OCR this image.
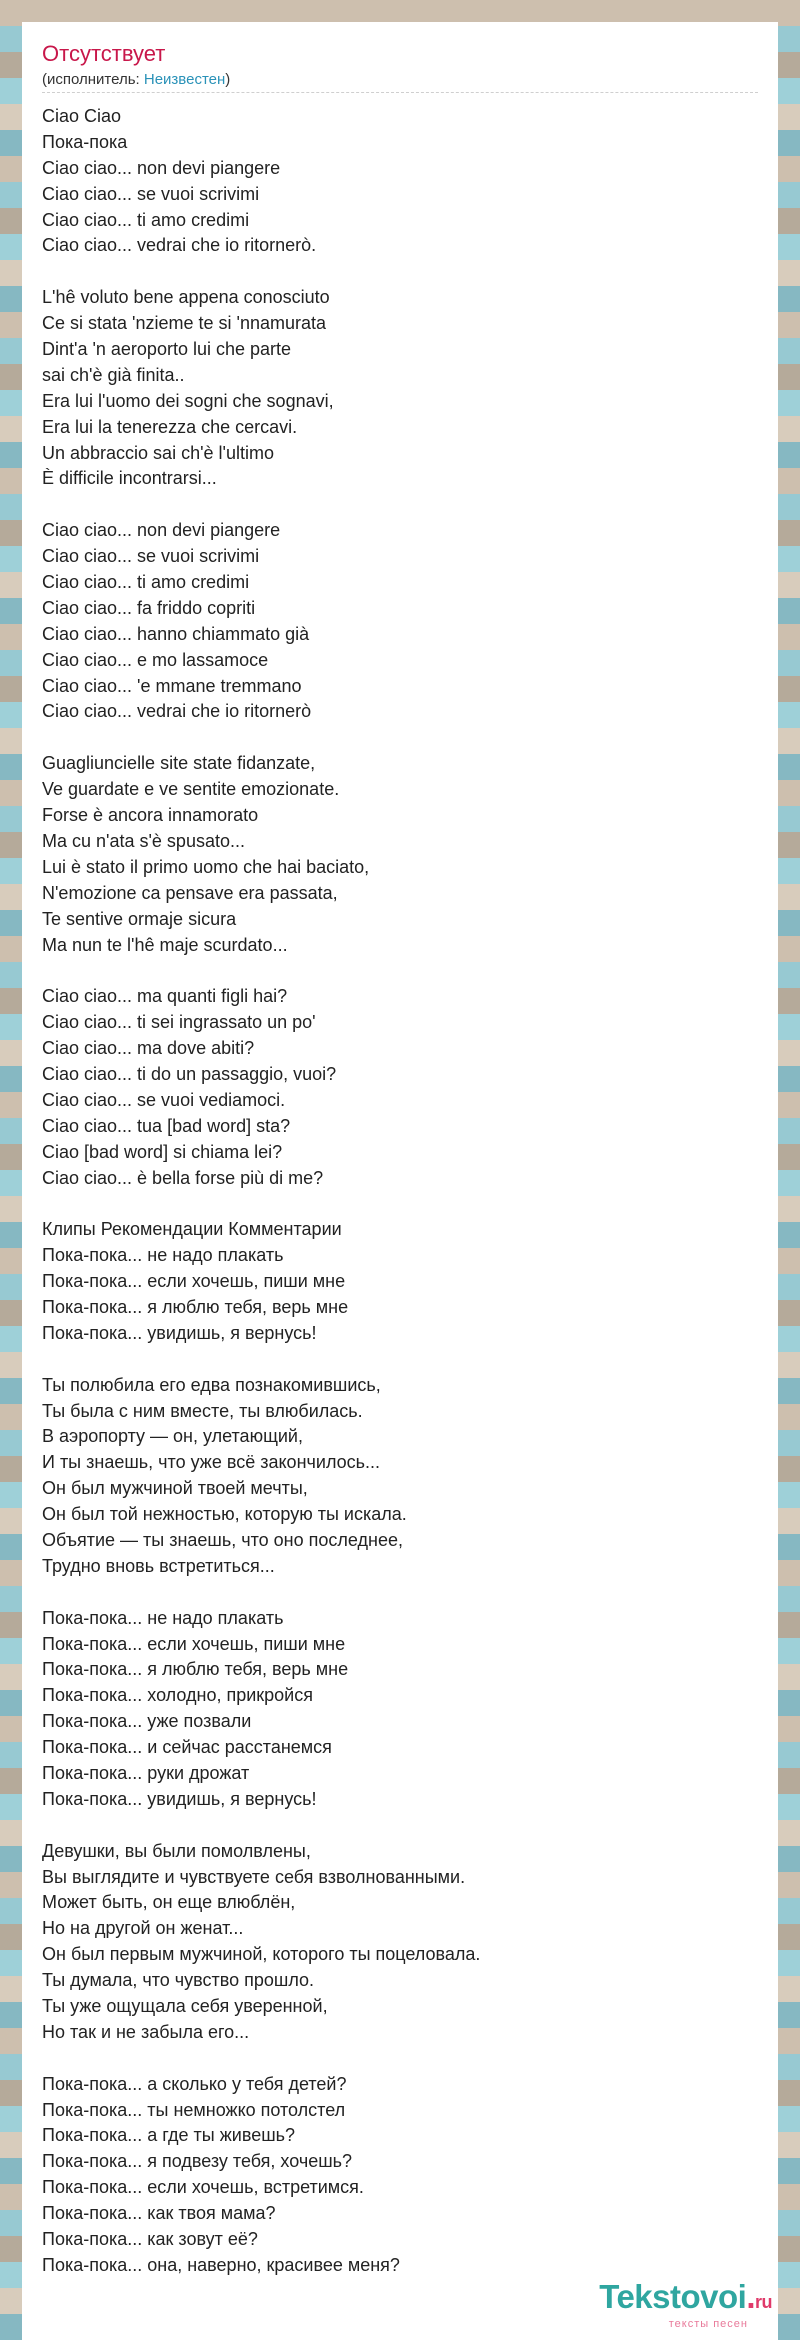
Отсутствует
(исполнитель: Неизвестен)
Ciao Ciao
Пока-пока
Ciao ciao... non devi piangere
Ciao ciao... se vuoi scrivimi
Ciao ciao... ti amo credimi
Ciao ciao... vedrai che io ritornerò.
L'hê voluto bene appena conosciuto
Ce si stata 'nzieme te si 'nnamurata
Dint'a 'n aeroporto lui che parte
sai ch'è già finita..
Era lui l'uomo dei sogni che sognavi,
Era lui la tenerezza che cercavi.
Un abbraccio sai ch'è l'ultimo
È difficile incontrarsi...
Ciao ciao... non devi piangere
Ciao ciao... se vuoi scrivimi
Ciao ciao... ti amo credimi
Ciao ciao... fa friddo copriti
Ciao ciao... hanno chiammato già
Ciao ciao... e mo lassamoce
Ciao ciao... 'e mmane tremmano
Ciao ciao... vedrai che io ritornerò
Guagliuncielle site state fidanzate,
Ve guardate e ve sentite emozionate.
Forse è ancora innamorato
Ma cu n'ata s'è spusato...
Lui è stato il primo uomo che hai baciato,
N'emozione ca pensave era passata,
Te sentive ormaje sicura
Ma nun te l'hê maje scurdato...
Ciao ciao... ma quanti figli hai?
Ciao ciao... ti sei ingrassato un po'
Ciao ciao... ma dove abiti?
Ciao ciao... ti do un passaggio, vuoi?
Ciao ciao... se vuoi vediamoci.
Ciao ciao... tua [bad word] sta?
Ciao [bad word] si chiama lei?
Ciao ciao... è bella forse più di me?
Клипы Рекомендации Комментарии
Пока-пока... не надо плакать
Пока-пока... если хочешь, пиши мне
Пока-пока... я люблю тебя, верь мне
Пока-пока... увидишь, я вернусь!
Ты полюбила его едва познакомившись,
Ты была с ним вместе, ты влюбилась.
В аэропорту — он, улетающий,
И ты знаешь, что уже всё закончилось...
Он был мужчиной твоей мечты,
Он был той нежностью, которую ты искала.
Объятие — ты знаешь, что оно последнее,
Трудно вновь встретиться...
Пока-пока... не надо плакать
Пока-пока... если хочешь, пиши мне
Пока-пока... я люблю тебя, верь мне
Пока-пока... холодно, прикройся
Пока-пока... уже позвали
Пока-пока... и сейчас расстанемся
Пока-пока... руки дрожат
Пока-пока... увидишь, я вернусь!
Девушки, вы были помолвлены,
Вы выглядите и чувствуете себя взволнованными.
Может быть, он еще влюблён,
Но на другой он женат...
Он был первым мужчиной, которого ты поцеловала.
Ты думала, что чувство прошло.
Ты уже ощущала себя уверенной,
Но так и не забыла его...
Пока-пока... а сколько у тебя детей?
Пока-пока... ты немножко потолстел
Пока-пока... а где ты живешь?
Пока-пока... я подвезу тебя, хочешь?
Пока-пока... если хочешь, встретимся.
Пока-пока... как твоя мама?
Пока-пока... как зовут её?
Пока-пока... она, наверно, красивее меня?
Tekstovoi.ru
тексты песен
